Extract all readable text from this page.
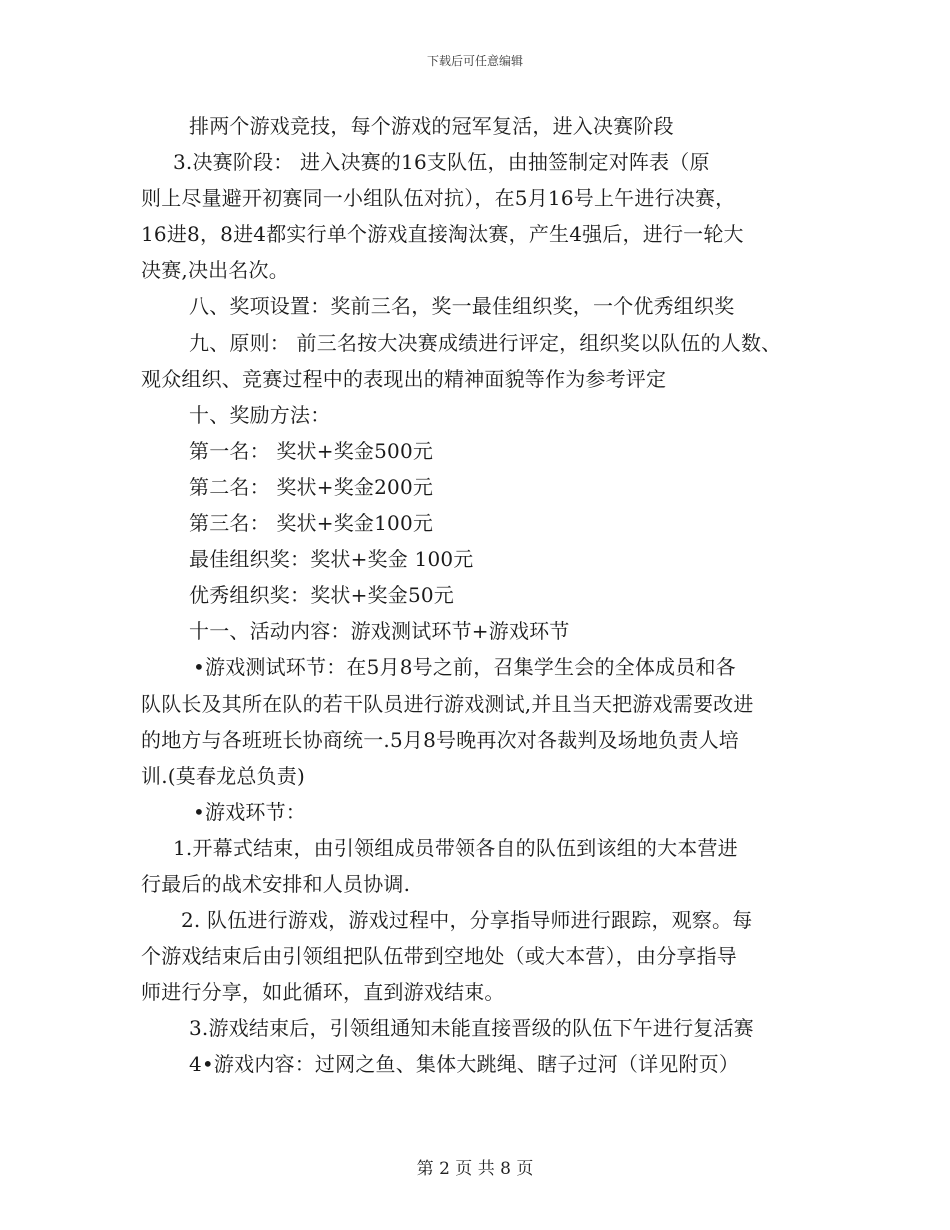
下载后可任意编辑
排两个游戏竞技，每个游戏的冠军复活，进入决赛阶段
3.决赛阶段： 进入决赛的16支队伍，由抽签制定对阵表（原
则上尽量避开初赛同一小组队伍对抗），在5月16号上午进行决赛，
16进8，8进4都实行单个游戏直接淘汰赛，产生4强后，进行一轮大
决赛,决出名次。
八、奖项设置：奖前三名，奖一最佳组织奖，一个优秀组织奖
九、原则： 前三名按大决赛成绩进行评定，组织奖以队伍的人数、
观众组织、竞赛过程中的表现出的精神面貌等作为参考评定
十、奖励方法：
第一名： 奖状+奖金500元
第二名： 奖状+奖金200元
第三名： 奖状+奖金100元
最佳组织奖：奖状+奖金 100元
优秀组织奖：奖状+奖金50元
十一、活动内容：游戏测试环节+游戏环节
•游戏测试环节：在5月8号之前，召集学生会的全体成员和各
队队长及其所在队的若干队员进行游戏测试,并且当天把游戏需要改进
的地方与各班班长协商统一.5月8号晚再次对各裁判及场地负责人培
训.(莫春龙总负责)
•游戏环节：
1.开幕式结束，由引领组成员带领各自的队伍到该组的大本营进
行最后的战术安排和人员协调.
2. 队伍进行游戏，游戏过程中，分享指导师进行跟踪，观察。每
个游戏结束后由引领组把队伍带到空地处（或大本营），由分享指导
师进行分享，如此循环，直到游戏结束。
3.游戏结束后，引领组通知未能直接晋级的队伍下午进行复活赛
4•游戏内容：过网之鱼、集体大跳绳、瞎子过河（详见附页）
第 2 页 共 8 页
